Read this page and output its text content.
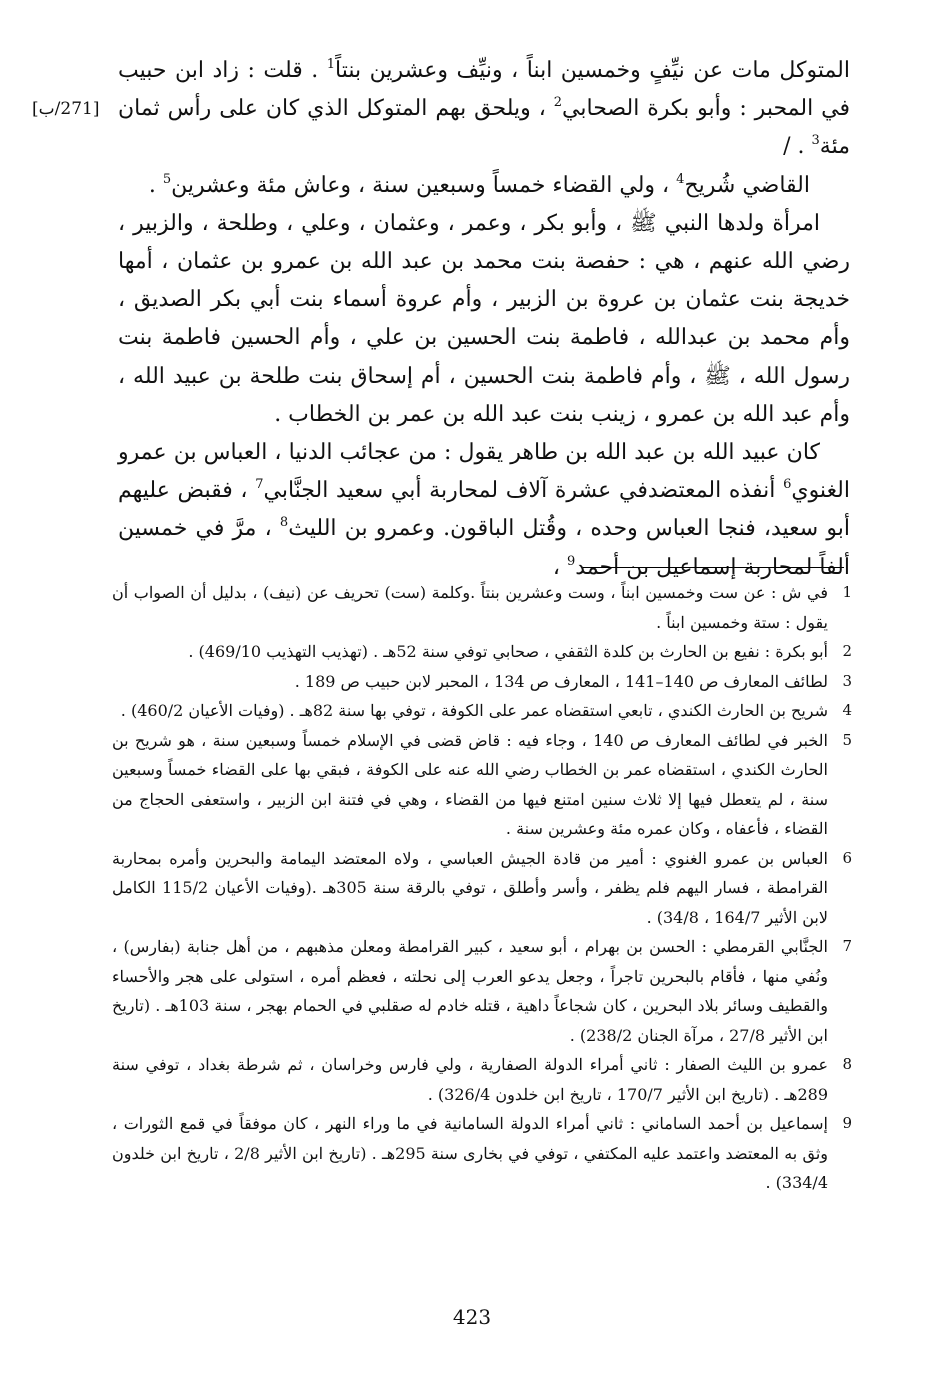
[271/ب]

المتوكل مات عن نيِّفٍ وخمسين ابناً ، ونيِّف وعشرين بنتاً$^1$ . قلت : زاد ابن حبيب في المحبر : وأبو بكرة الصحابي$^2$ ، ويلحق بهم المتوكل الذي كان على رأس ثمان مئة$^3$ . /

القاضي شُريح$^4$ ، ولي القضاء خمساً وسبعين سنة ، وعاش مئة وعشرين$^5$ .

امرأة ولدها النبي ﷺ ، وأبو بكر ، وعمر ، وعثمان ، وعلي ، وطلحة ، والزبير ، رضي الله عنهم ، هي : حفصة بنت محمد بن عبد الله بن عمرو بن عثمان ، أمها خديجة بنت عثمان بن عروة بن الزبير ، وأم عروة أسماء بنت أبي بكر الصديق ، وأم محمد بن عبدالله ، فاطمة بنت الحسين بن علي ، وأم الحسين فاطمة بنت رسول الله ، ﷺ ، وأم فاطمة بنت الحسين ، أم إسحاق بنت طلحة بن عبيد الله ، وأم عبد الله بن عمرو ، زينب بنت عبد الله بن عمر بن الخطاب .

كان عبيد الله بن عبد الله بن طاهر يقول : من عجائب الدنيا ، العباس بن عمرو الغنوي$^6$ أنفذه المعتضدفي عشرة آلاف لمحاربة أبي سعيد الجنَّابي$^7$ ، فقبض عليهم أبو سعيد، فنجا العباس وحده ، وقُتل الباقون. وعمرو بن الليث$^8$ ، مرَّ في خمسين ألفاً لمحاربة إسماعيل بن أحمد$^9$ ،

1
في ش : عن ست وخمسين ابناً ، وست وعشرين بنتاً .وكلمة (ست) تحريف عن (نيف) ، بدليل أن الصواب أن يقول : ستة وخمسين ابناً .

2
أبو بكرة : نفيع بن الحارث بن كلدة الثقفي ، صحابي توفي سنة 52هـ . (تهذيب التهذيب 469/10) .

3
لطائف المعارف ص 140–141 ، المعارف ص 134 ، المحبر لابن حبيب ص 189 .

4
شريح بن الحارث الكندي ، تابعي استقضاه عمر على الكوفة ، توفي بها سنة 82هـ . (وفيات الأعيان 460/2) .

5
الخبر في لطائف المعارف ص 140 ، وجاء فيه : قاض قضى في الإسلام خمساً وسبعين سنة ، هو شريح بن الحارث الكندي ، استقضاه عمر بن الخطاب رضي الله عنه على الكوفة ، فبقي بها على القضاء خمساً وسبعين سنة ، لم يتعطل فيها إلا ثلاث سنين امتنع فيها من القضاء ، وهي في فتنة ابن الزبير ، واستعفى الحجاج من القضاء ، فأعفاه ، وكان عمره مئة وعشرين سنة .

6
العباس بن عمرو الغنوي : أمير من قادة الجيش العباسي ، ولاه المعتضد اليمامة والبحرين وأمره بمحاربة القرامطة ، فسار اليهم فلم يظفر ، وأسر وأطلق ، توفي بالرقة سنة 305هـ .(وفيات الأعيان 115/2 الكامل لابن الأثير 164/7 ، 34/8) .

7
الجنَّابي القرمطي : الحسن بن بهرام ، أبو سعيد ، كبير القرامطة ومعلن مذهبهم ، من أهل جنابة (بفارس) ، ونُفي منها ، فأقام بالبحرين تاجراً ، وجعل يدعو العرب إلى نحلته ، فعظم أمره ، استولى على هجر والأحساء والقطيف وسائر بلاد البحرين ، كان شجاعاً داهية ، قتله خادم له صقلبي في الحمام بهجر ، سنة 103هـ . (تاريخ ابن الأثير 27/8 ، مرآة الجنان 238/2) .

8
عمرو بن الليث الصفار : ثاني أمراء الدولة الصفارية ، ولي فارس وخراسان ، ثم شرطة بغداد ، توفي سنة 289هـ . (تاريخ ابن الأثير 170/7 ، تاريخ ابن خلدون 326/4) .

9
إسماعيل بن أحمد الساماني : ثاني أمراء الدولة السامانية في ما وراء النهر ، كان موفقاً في قمع الثورات ، وثق به المعتضد واعتمد عليه المكتفي ، توفي في بخارى سنة 295هـ . (تاريخ ابن الأثير 2/8 ، تاريخ ابن خلدون 334/4) .

423
